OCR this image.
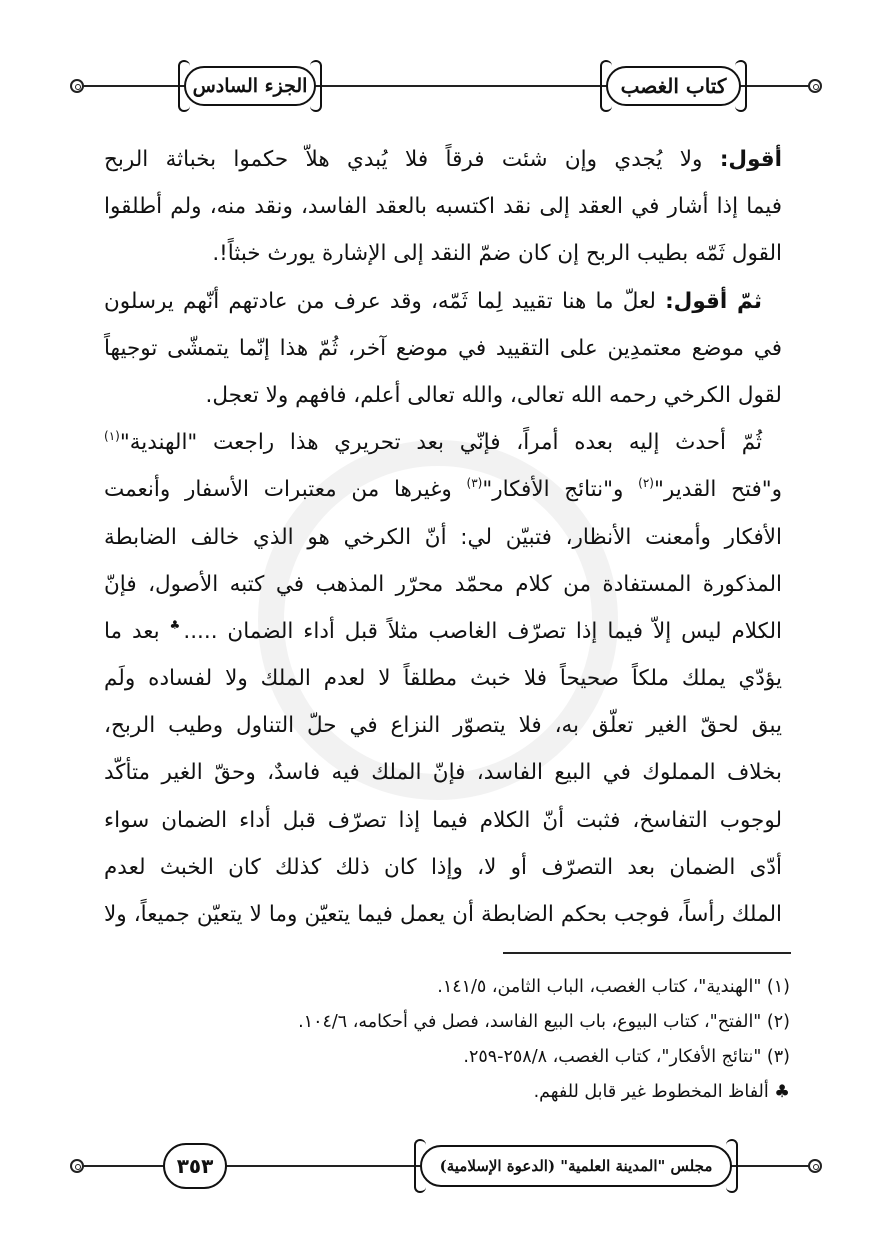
كتاب الغصب
الجزء السادس
أقول: ولا يُجدي وإن شئت فرقاً فلا يُبدي هلاّ حكموا بخباثة الربح
فيما إذا أشار في العقد إلى نقد اكتسبه بالعقد الفاسد، ونقد منه، ولم أطلقوا
القول ثَمّه بطيب الربح إن كان ضمّ النقد إلى الإشارة يورث خبثاً!.
ثمّ أقول: لعلّ ما هنا تقييد لِما ثَمّه، وقد عرف من عادتهم أنّهم يرسلون
في موضع معتمدِين على التقييد في موضع آخر، ثُمّ هذا إنّما يتمشّى توجيهاً
لقول الكرخي رحمه الله تعالى، والله تعالى أعلم، فافهم ولا تعجل.
ثُمّ أحدث إليه بعده أمراً، فإنّي بعد تحريري هذا راجعت "الهندية"$^{(١)}$
و"فتح القدير"$^{(٢)}$ و"نتائج الأفكار"$^{(٣)}$ وغيرها من معتبرات الأسفار وأنعمت
الأفكار وأمعنت الأنظار، فتبيّن لي: أنّ الكرخي هو الذي خالف الضابطة
المذكورة المستفادة من كلام محمّد محرّر المذهب في كتبه الأصول، فإنّ
الكلام ليس إلاّ فيما إذا تصرّف الغاصب مثلاً قبل أداء الضمان .....♣ بعد ما
يؤدّي يملك ملكاً صحيحاً فلا خبث مطلقاً لا لعدم الملك ولا لفساده ولَم
يبق لحقّ الغير تعلّق به، فلا يتصوّر النزاع في حلّ التناول وطيب الربح،
بخلاف المملوك في البيع الفاسد، فإنّ الملك فيه فاسدٌ، وحقّ الغير متأكّد
لوجوب التفاسخ، فثبت أنّ الكلام فيما إذا تصرّف قبل أداء الضمان سواء
أدّى الضمان بعد التصرّف أو لا، وإذا كان ذلك كذلك كان الخبث لعدم
الملك رأساً، فوجب بحكم الضابطة أن يعمل فيما يتعيّن وما لا يتعيّن جميعاً، ولا
(١) "الهندية"، كتاب الغصب، الباب الثامن، ١٤١/٥.
(٢) "الفتح"، كتاب البيوع، باب البيع الفاسد، فصل في أحكامه، ١٠٤/٦.
(٣) "نتائج الأفكار"، كتاب الغصب، ٢٥٨/٨-٢٥٩.
♣ ألفاظ المخطوط غير قابل للفهم.
مجلس "المدينة العلمية" (الدعوة الإسلامية)
٣٥٣
